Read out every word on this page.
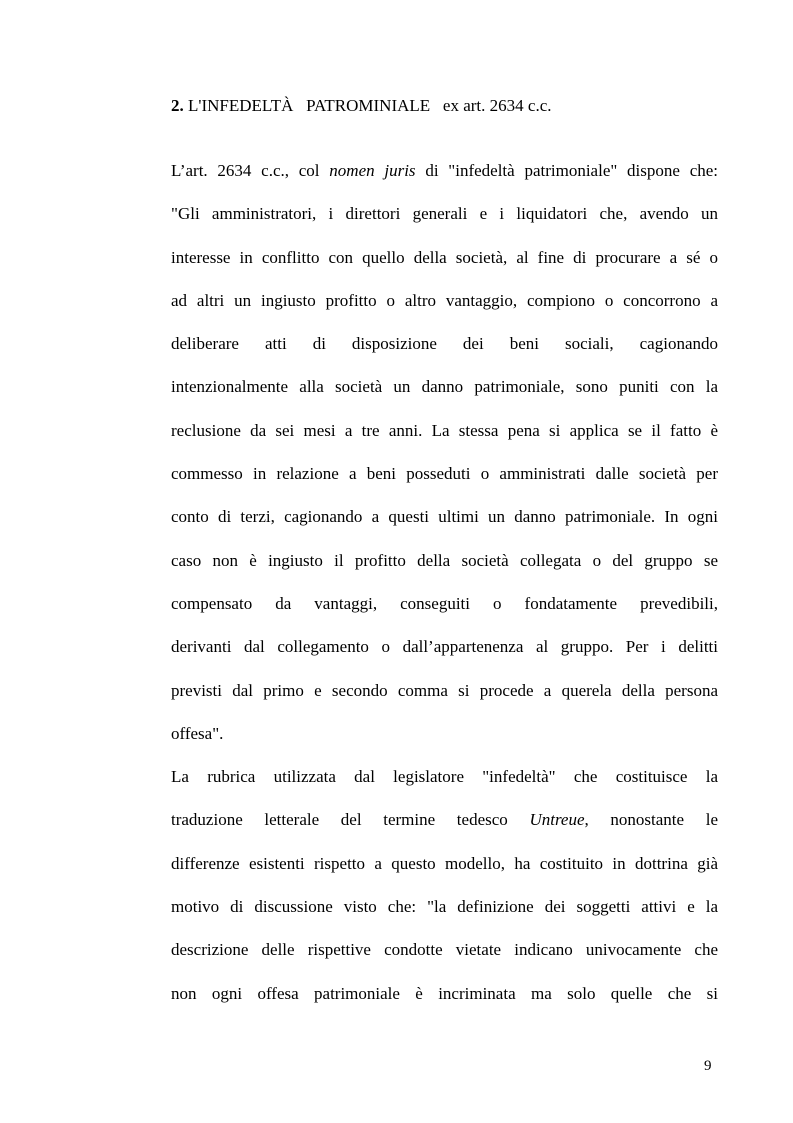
2. L'INFEDELTÀ   PATROMINIALE   ex art. 2634 c.c.
L’art. 2634 c.c., col nomen juris di "infedeltà patrimoniale" dispone che:
"Gli amministratori, i direttori generali e i liquidatori che, avendo un
interesse in conflitto con quello della società, al fine di procurare a sé o
ad altri un ingiusto profitto o altro vantaggio, compiono o concorrono a
deliberare atti di disposizione dei beni sociali, cagionando
intenzionalmente alla società un danno patrimoniale, sono puniti con la
reclusione da sei mesi a tre anni. La stessa pena si applica se il fatto è
commesso in relazione a beni posseduti o amministrati dalle società per
conto di terzi, cagionando a questi ultimi un danno patrimoniale. In ogni
caso non è ingiusto il profitto della società collegata o del gruppo se
compensato da vantaggi, conseguiti o fondatamente prevedibili,
derivanti dal collegamento o dall’appartenenza al gruppo. Per i delitti
previsti dal primo e secondo comma si procede a querela della persona
offesa".
La rubrica utilizzata dal legislatore "infedeltà" che costituisce la
traduzione letterale del termine tedesco Untreue, nonostante le
differenze esistenti rispetto a questo modello, ha costituito in dottrina già
motivo di discussione visto che: "la definizione dei soggetti attivi e la
descrizione delle rispettive condotte vietate indicano univocamente che
non ogni offesa patrimoniale è incriminata ma solo quelle che si
9
